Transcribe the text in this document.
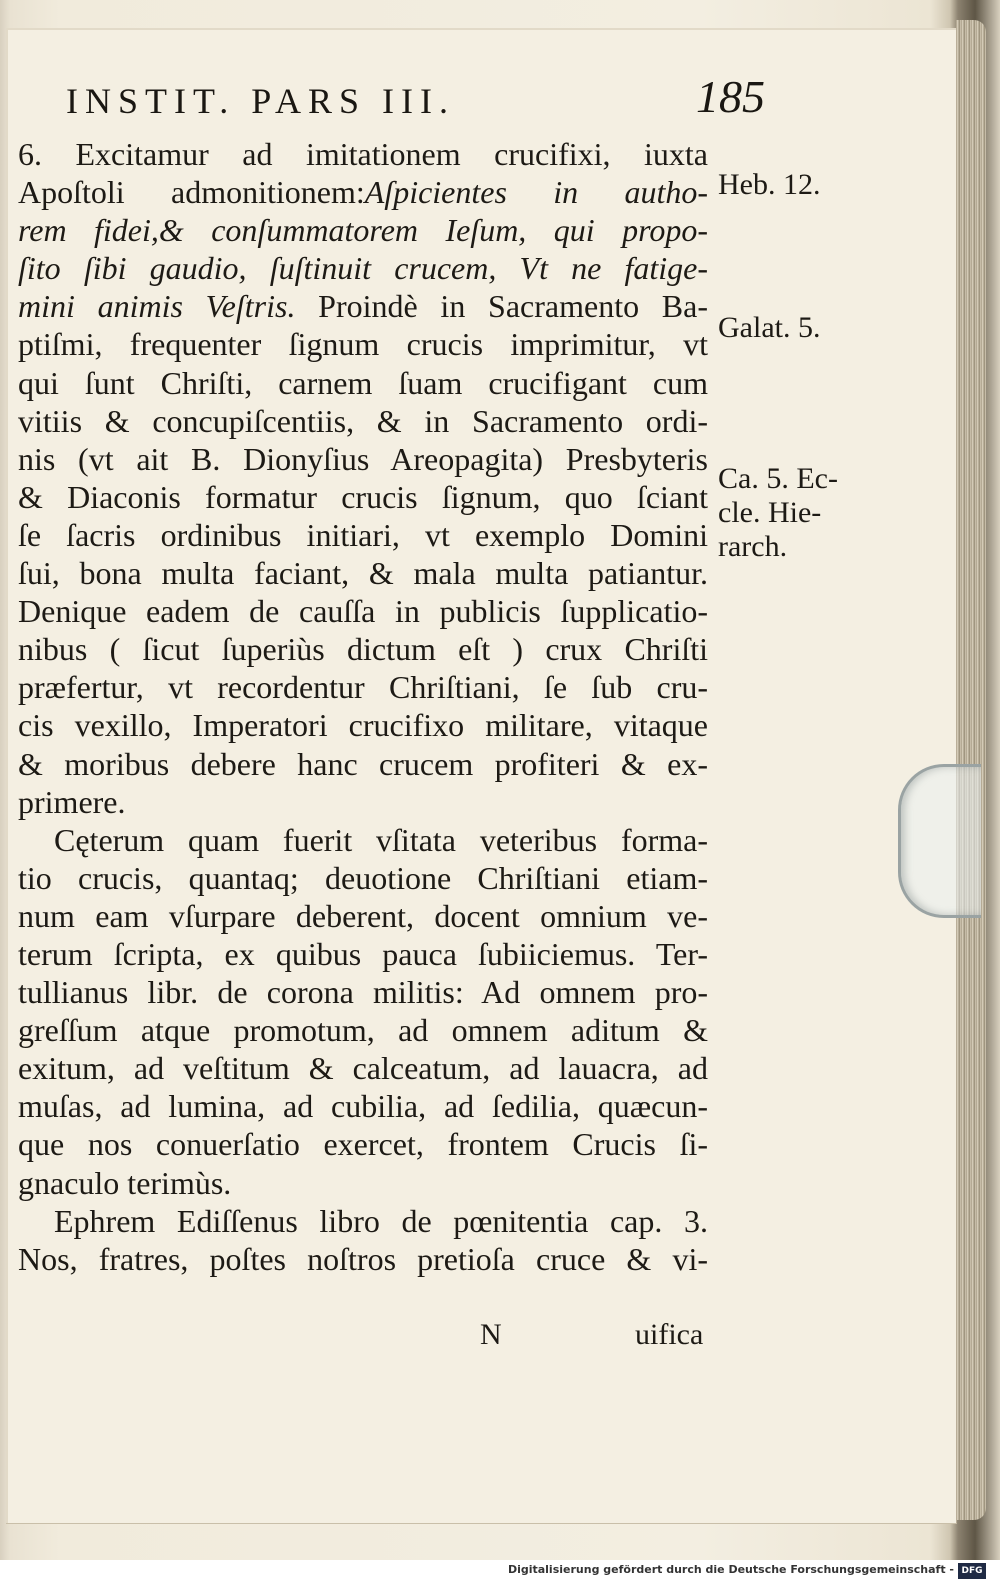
INSTIT. PARS III.	185
6. Excitamur ad imitationem crucifixi, iuxta
Apoſtoli admonitionem:Aſpicientes in autho-
rem fidei,& conſummatorem Ieſum, qui propo-
ſito ſibi gaudio, ſuſtinuit crucem, Vt ne fatige-
mini animis Veſtris. Proindè in Sacramento Ba-
ptiſmi, frequenter ſignum crucis imprimitur, vt
qui ſunt Chriſti, carnem ſuam crucifigant cum
vitiis & concupiſcentiis, & in Sacramento ordi-
nis (vt ait B. Dionyſius Areopagita) Presbyteris
& Diaconis formatur crucis ſignum, quo ſciant
ſe ſacris ordinibus initiari, vt exemplo Domini
ſui, bona multa faciant, & mala multa patiantur.
Denique eadem de cauſſa in publicis ſupplicatio-
nibus ( ſicut ſuperiùs dictum eſt ) crux Chriſti
præfertur, vt recordentur Chriſtiani, ſe ſub cru-
cis vexillo, Imperatori crucifixo militare, vitaque
& moribus debere hanc crucem profiteri & ex-
primere.
Cęterum quam fuerit vſitata veteribus forma-
tio crucis, quantaq; deuotione Chriſtiani etiam-
num eam vſurpare deberent, docent omnium ve-
terum ſcripta, ex quibus pauca ſubiiciemus. Ter-
tullianus libr. de corona militis: Ad omnem pro-
greſſum atque promotum, ad omnem aditum &
exitum, ad veſtitum & calceatum, ad lauacra, ad
muſas, ad lumina, ad cubilia, ad ſedilia, quæcun-
que nos conuerſatio exercet, frontem Crucis ſi-
gnaculo terimùs.
Ephrem Ediſſenus libro de pœnitentia cap. 3.
Nos, fratres, poſtes noſtros pretioſa cruce & vi-
Heb. 12.
Galat. 5.
Ca. 5. Ec-
cle. Hie-
rarch.
N	uifica
Digitalisierung gefördert durch die Deutsche Forschungsgemeinschaft - DFG
